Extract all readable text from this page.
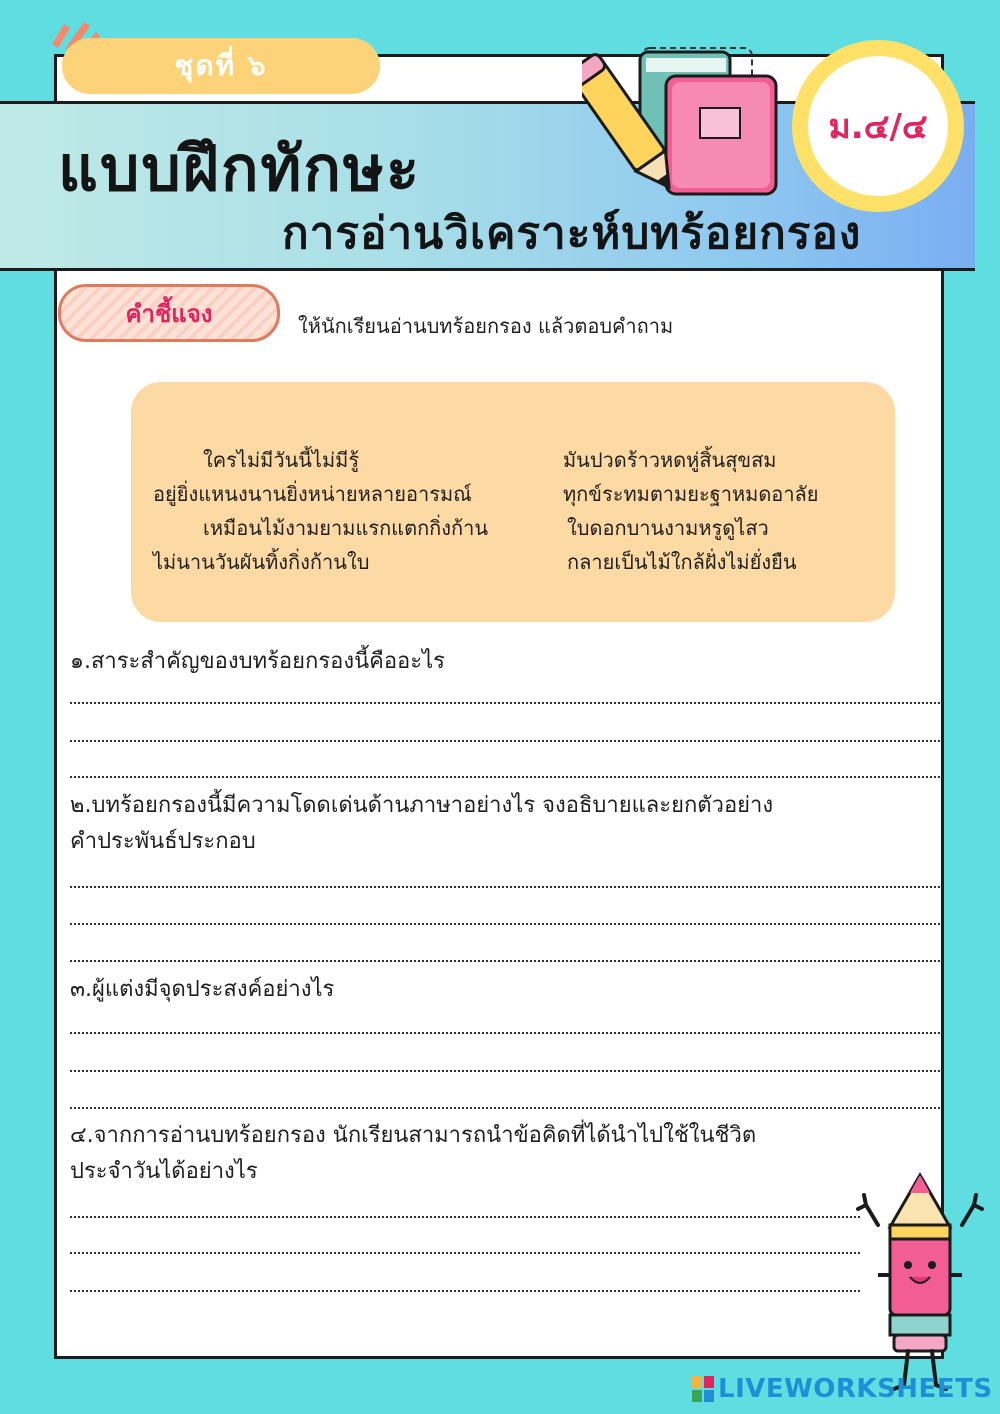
ชุดที่ ๖
แบบฝึกทักษะ
การอ่านวิเคราะห์บทร้อยกรอง
ม.๔/๔
คำชี้แจง	ให้นักเรียนอ่านบทร้อยกรอง แล้วตอบคำถาม
ใครไม่มีวันนี้ไม่มีรู้
อยู่ยิ่งแหนงนานยิ่งหน่ายหลายอารมณ์
เหมือนไม้งามยามแรกแตกกิ่งก้าน
ไม่นานวันผันทิ้งกิ่งก้านใบ
มันปวดร้าวหดหู่สิ้นสุขสม
ทุกข์ระทมตามยะฐาหมดอาลัย
ใบดอกบานงามหรูดูไสว
กลายเป็นไม้ใกล้ฝั่งไม่ยั่งยืน
๑.สาระสำคัญของบทร้อยกรองนี้คืออะไร
๒.บทร้อยกรองนี้มีความโดดเด่นด้านภาษาอย่างไร จงอธิบายและยกตัวอย่าง
คำประพันธ์ประกอบ
๓.ผู้แต่งมีจุดประสงค์อย่างไร
๔.จากการอ่านบทร้อยกรอง นักเรียนสามารถนำข้อคิดที่ได้นำไปใช้ในชีวิต
ประจำวันได้อย่างไร
LIVEWORKSHEETS
